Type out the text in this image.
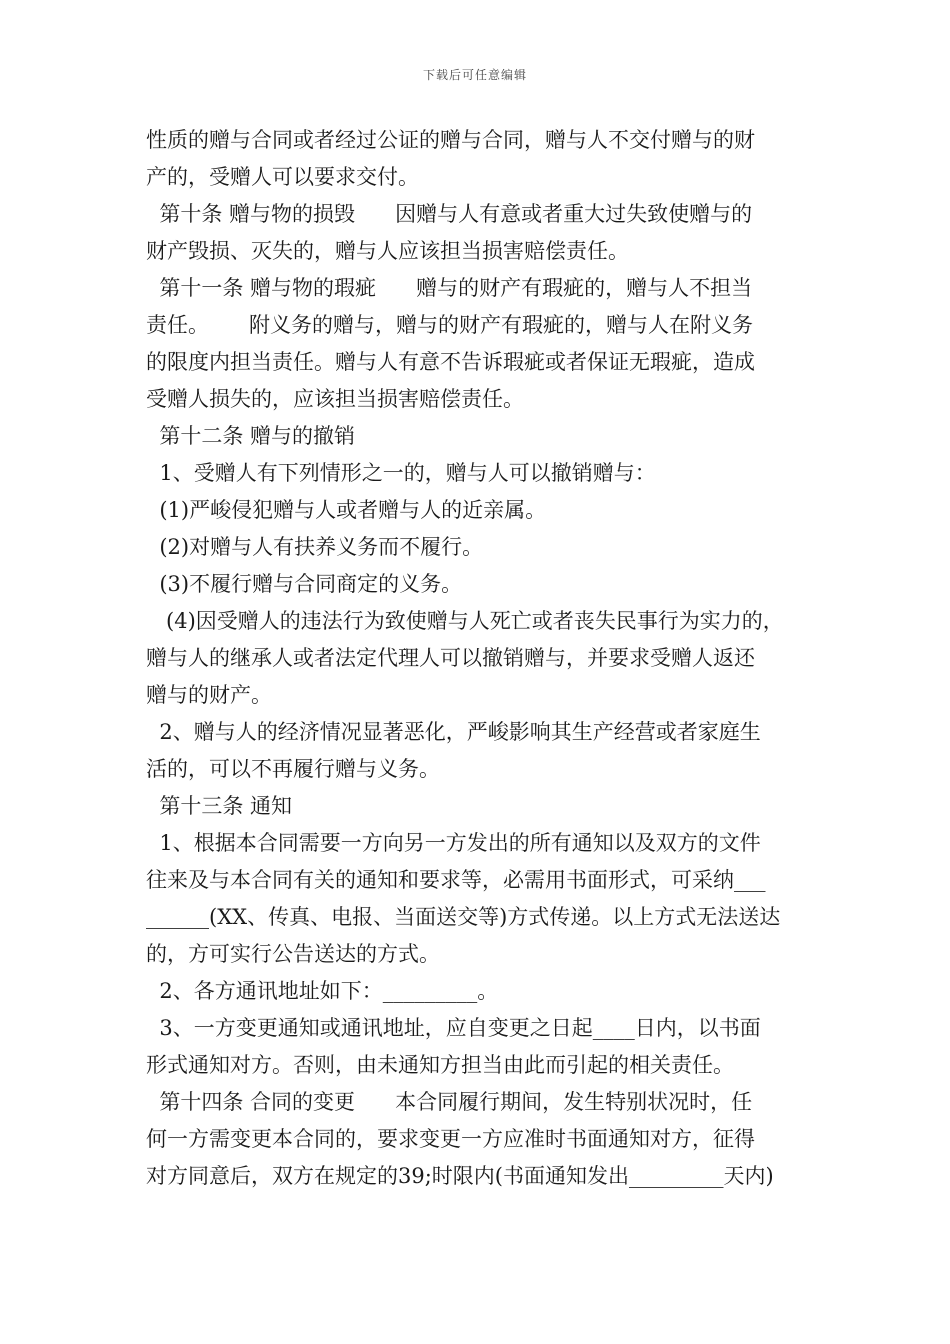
下载后可任意编辑
性质的赠与合同或者经过公证的赠与合同，赠与人不交付赠与的财
产的，受赠人可以要求交付。
第十条 赠与物的损毁      因赠与人有意或者重大过失致使赠与的
财产毁损、灭失的，赠与人应该担当损害赔偿责任。
第十一条 赠与物的瑕疵      赠与的财产有瑕疵的，赠与人不担当
责任。      附义务的赠与，赠与的财产有瑕疵的，赠与人在附义务
的限度内担当责任。赠与人有意不告诉瑕疵或者保证无瑕疵，造成
受赠人损失的，应该担当损害赔偿责任。
第十二条 赠与的撤销
1、受赠人有下列情形之一的，赠与人可以撤销赠与：
(1)严峻侵犯赠与人或者赠与人的近亲属。
(2)对赠与人有扶养义务而不履行。
(3)不履行赠与合同商定的义务。
(4)因受赠人的违法行为致使赠与人死亡或者丧失民事行为实力的，
赠与人的继承人或者法定代理人可以撤销赠与，并要求受赠人返还
赠与的财产。
2、赠与人的经济情况显著恶化，严峻影响其生产经营或者家庭生
活的，可以不再履行赠与义务。
第十三条 通知
1、根据本合同需要一方向另一方发出的所有通知以及双方的文件
往来及与本合同有关的通知和要求等，必需用书面形式，可采纳___
______(XX、传真、电报、当面送交等)方式传递。以上方式无法送达
的，方可实行公告送达的方式。
2、各方通讯地址如下：_________。
3、一方变更通知或通讯地址，应自变更之日起____日内，以书面
形式通知对方。否则，由未通知方担当由此而引起的相关责任。
第十四条 合同的变更      本合同履行期间，发生特别状况时，任
何一方需变更本合同的，要求变更一方应准时书面通知对方，征得
对方同意后，双方在规定的39;时限内(书面通知发出_________天内)
